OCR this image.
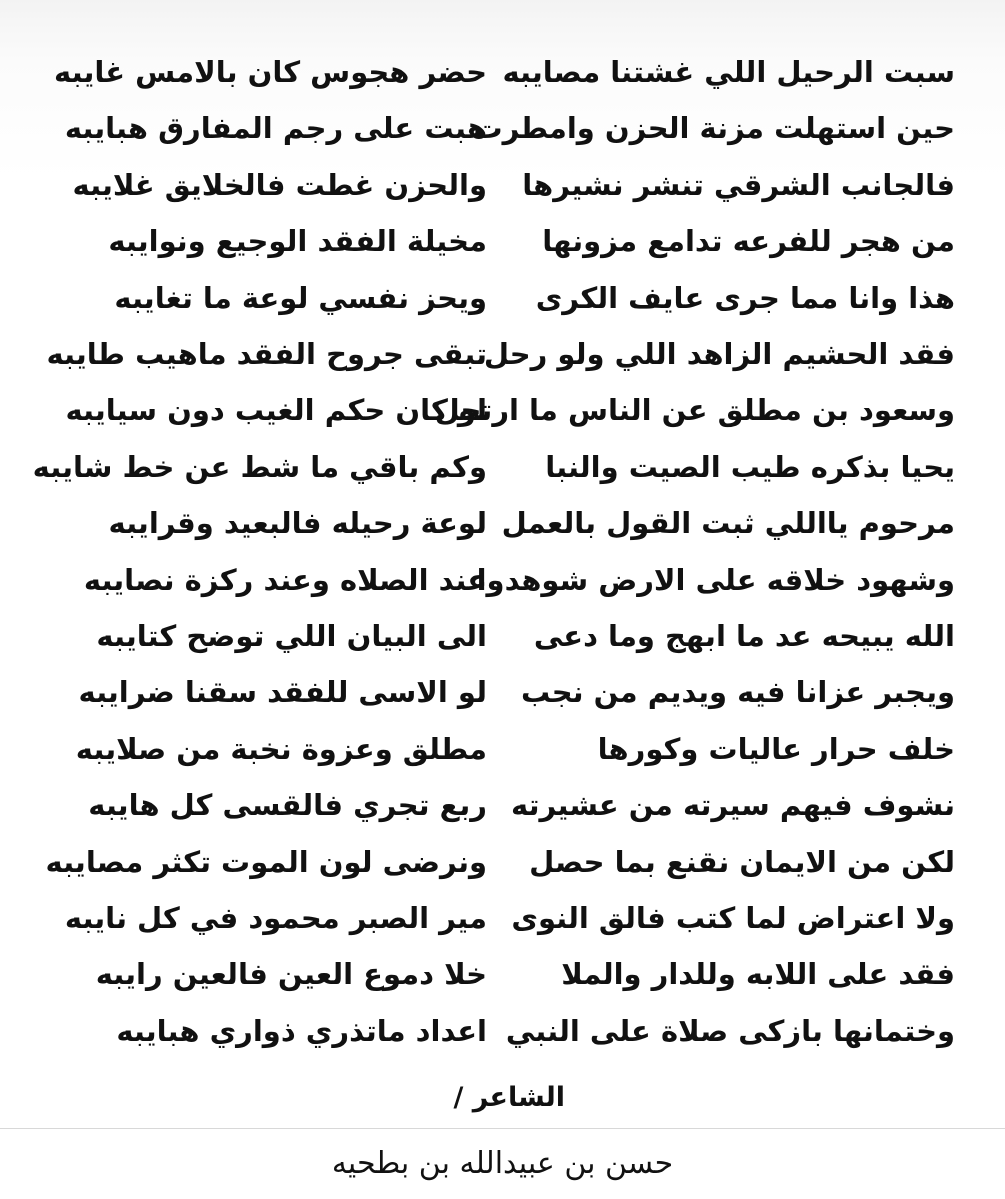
سبت الرحيل اللي غشتنا مصايبه
حضر هجوس كان بالامس غايبه
حين استهلت مزنة الحزن وامطرت
هبت على رجم المفارق هبايبه
فالجانب الشرقي تنشر نشيرها
والحزن غطت فالخلايق غلايبه
من هجر للفرعه تدامع مزونها
مخيلة الفقد الوجيع ونوايبه
هذا وانا مما جرى عايف الكرى
ويحز نفسي لوعة ما تغايبه
فقد الحشيم الزاهد اللي ولو رحل
تبقى جروح الفقد ماهيب طايبه
وسعود بن مطلق عن الناس ما ارتحل
لو كان حكم الغيب دون سيايبه
يحيا بذكره طيب الصيت والنبا
وكم باقي ما شط عن خط شايبه
مرحوم يااللي ثبت القول بالعمل
لوعة رحيله فالبعيد وقرايبه
وشهود خلاقه على الارض شوهدوا
عند الصلاه وعند ركزة نصايبه
الله يبيحه عد ما ابهج وما دعى
الى البيان اللي توضح كتايبه
ويجبر عزانا فيه ويديم من نجب
لو الاسى للفقد سقنا ضرايبه
خلف حرار عاليات وكورها
مطلق وعزوة نخبة من صلايبه
نشوف فيهم سيرته من عشيرته
ربع تجري فالقسى كل هايبه
لكن من الايمان نقنع بما حصل
ونرضى لون الموت تكثر مصايبه
ولا اعتراض لما كتب فالق النوى
مير الصبر محمود في كل نايبه
فقد على اللابه وللدار والملا
خلا دموع العين فالعين رايبه
وختمانها بازكى صلاة على النبي
اعداد ماتذري ذواري هبايبه
الشاعر /
حسن بن عبيدالله بن بطحيه
